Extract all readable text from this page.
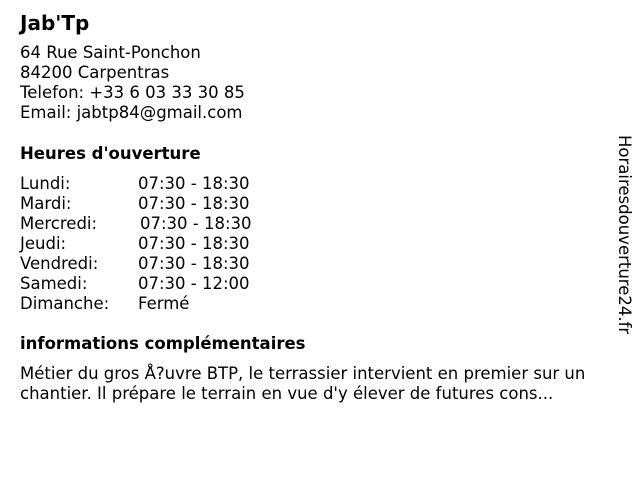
Jab'Tp
64 Rue Saint-Ponchon
84200 Carpentras
Telefon: +33 6 03 33 30 85
Email: jabtp84@gmail.com
Heures d'ouverture
Lundi:	07:30 - 18:30
Mardi:	07:30 - 18:30
Mercredi:	07:30 - 18:30
Jeudi:	07:30 - 18:30
Vendredi: 07:30 - 18:30
Samedi:	07:30 - 12:00
Dimanche: Fermé
informations complémentaires
Métier du gros Å?uvre BTP, le terrassier intervient en premier sur un chantier. Il prépare le terrain en vue d'y élever de futures cons...
Horairesdouverture24.fr
